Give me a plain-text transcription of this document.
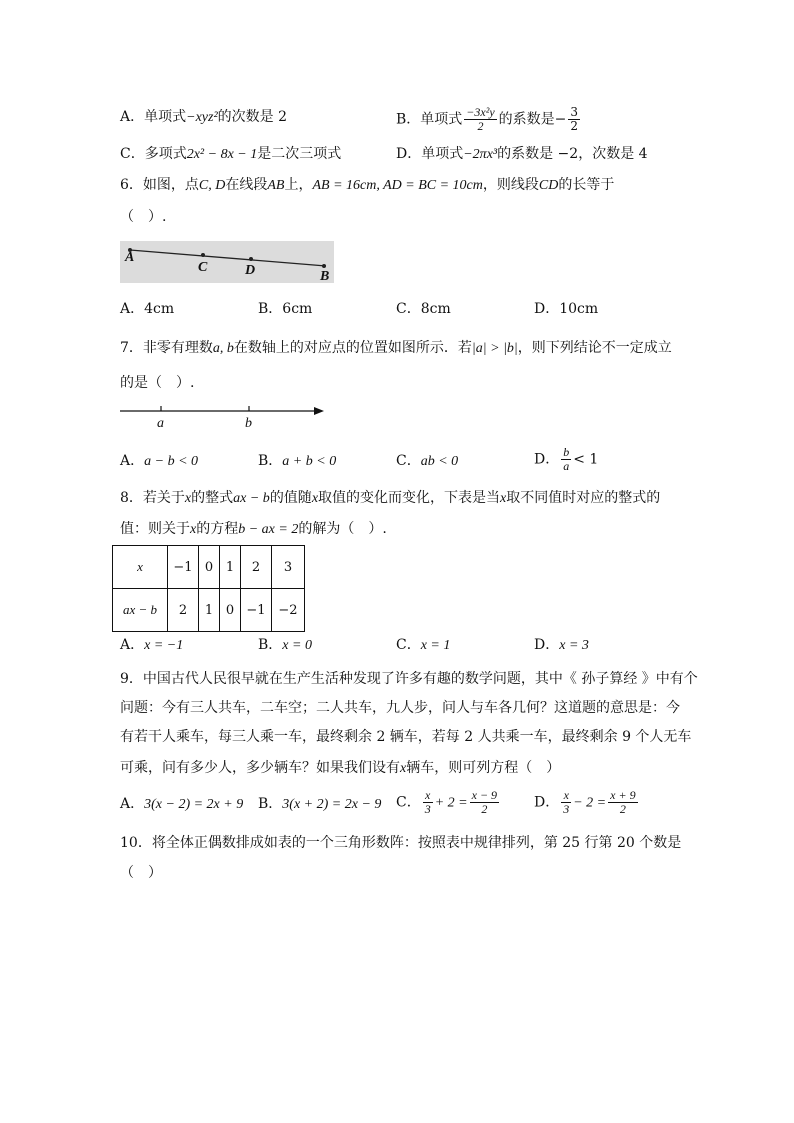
A．单项式−xyz²的次数是 2	B．单项式 $\frac{\text{−3x²y}}{2}$ 的系数是− $\frac{3}{2}$
C．多项式2x² − 8x − 1是二次三项式	D．单项式−2πx³的系数是 −2，次数是 4
6．如图，点C, D在线段AB上，AB = 16cm, AD = BC = 10cm，则线段CD的长等于
（　）.
A
C	D	B
A．4cm	B．6cm	C．8cm	D．10cm
7．非零有理数a, b在数轴上的对应点的位置如图所示．若|a| > |b|，则下列结论不一定成立
的是（　）.
a	b
A．a − b < 0	B．a + b < 0	C．ab < 0	D． $\frac{b}{a} < 1$
8．若关于x的整式ax − b的值随x取值的变化而变化，下表是当x取不同值时对应的整式的
值：则关于x的方程b − ax = 2的解为（　）.
x	−1	0	1	2	3
ax − b	2	1	0	−1	−2
A．x = −1	B．x = 0	C．x = 1	D．x = 3
9．中国古代人民很早就在生产生活种发现了许多有趣的数学问题，其中《 孙子算经 》中有个
问题：今有三人共车，二车空；二人共车，九人步，问人与车各几何？这道题的意思是：今
有若干人乘车，每三人乘一车，最终剩余 2 辆车，若每 2 人共乘一车，最终剩余 9 个人无车
可乘，问有多少人，多少辆车？如果我们设有x辆车，则可列方程（　）
A．3(x − 2) = 2x + 9 B．3(x + 2) = 2x − 9 C． $\frac{x}{3} + 2 = \frac{x - 9}{2}$ D． $\frac{x}{3} - 2 = \frac{x + 9}{2}$
10．将全体正偶数排成如表的一个三角形数阵：按照表中规律排列，第 25 行第 20 个数是
（　）
